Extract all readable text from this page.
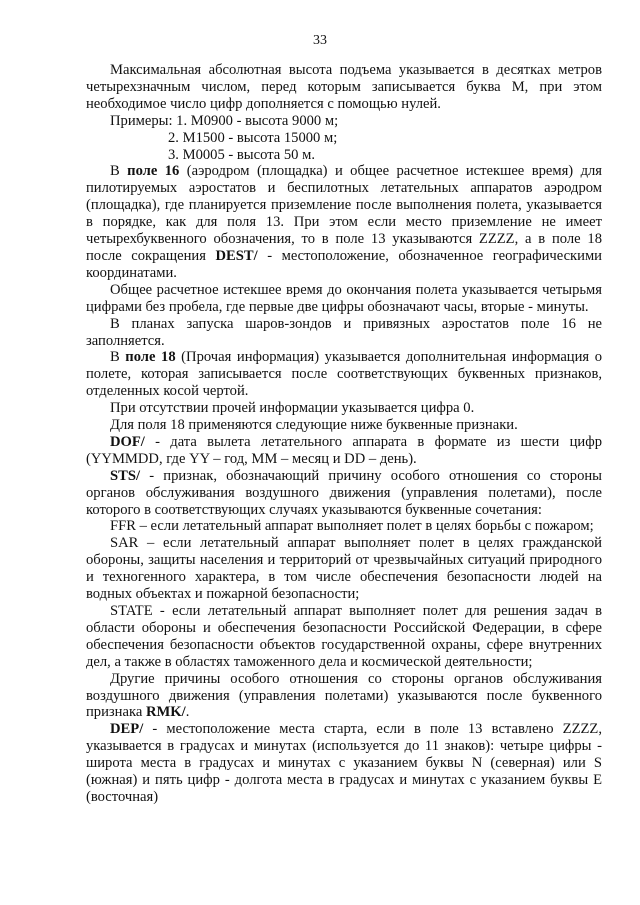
33

Максимальная абсолютная высота подъема указывается в десятках метров четырехзначным числом, перед которым записывается буква M, при этом необходимое число цифр дополняется с помощью нулей.

Примеры: 1. M0900 - высота 9000 м;
2. M1500 - высота 15000 м;
3. M0005 - высота 50 м.

В поле 16 (аэродром (площадка) и общее расчетное истекшее время) для пилотируемых аэростатов и беспилотных летательных аппаратов аэродром (площадка), где планируется приземление после выполнения полета, указывается в порядке, как для поля 13. При этом если место приземление не имеет четырехбуквенного обозначения, то в поле 13 указываются ZZZZ, а в поле 18 после сокращения DEST/ - местоположение, обозначенное географическими координатами.

Общее расчетное истекшее время до окончания полета указывается четырьмя цифрами без пробела, где первые две цифры обозначают часы, вторые - минуты.

В планах запуска шаров-зондов и привязных аэростатов поле 16 не заполняется.

В поле 18 (Прочая информация) указывается дополнительная информация о полете, которая записывается после соответствующих буквенных признаков, отделенных косой чертой.

При отсутствии прочей информации указывается цифра 0.

Для поля 18 применяются следующие ниже буквенные признаки.

DOF/ - дата вылета летательного аппарата в формате из шести цифр (YYMMDD, где YY – год, MM – месяц и DD – день).

STS/ - признак, обозначающий причину особого отношения со стороны органов обслуживания воздушного движения (управления полетами), после которого в соответствующих случаях указываются буквенные сочетания:

FFR – если летательный аппарат выполняет полет в целях борьбы с пожаром;

SAR – если летательный аппарат выполняет полет в целях гражданской обороны, защиты населения и территорий от чрезвычайных ситуаций природного и техногенного характера, в том числе обеспечения безопасности людей на водных объектах и пожарной безопасности;

STATE - если летательный аппарат выполняет полет для решения задач в области обороны и обеспечения безопасности Российской Федерации, в сфере обеспечения безопасности объектов государственной охраны, сфере внутренних дел, а также в областях таможенного дела и космической деятельности;

Другие причины особого отношения со стороны органов обслуживания воздушного движения (управления полетами) указываются после буквенного признака RMK/.

DEP/ - местоположение места старта, если в поле 13 вставлено ZZZZ, указывается в градусах и минутах (используется до 11 знаков): четыре цифры - широта места в градусах и минутах с указанием буквы N (северная) или S (южная) и пять цифр - долгота места в градусах и минутах с указанием буквы E (восточная)
